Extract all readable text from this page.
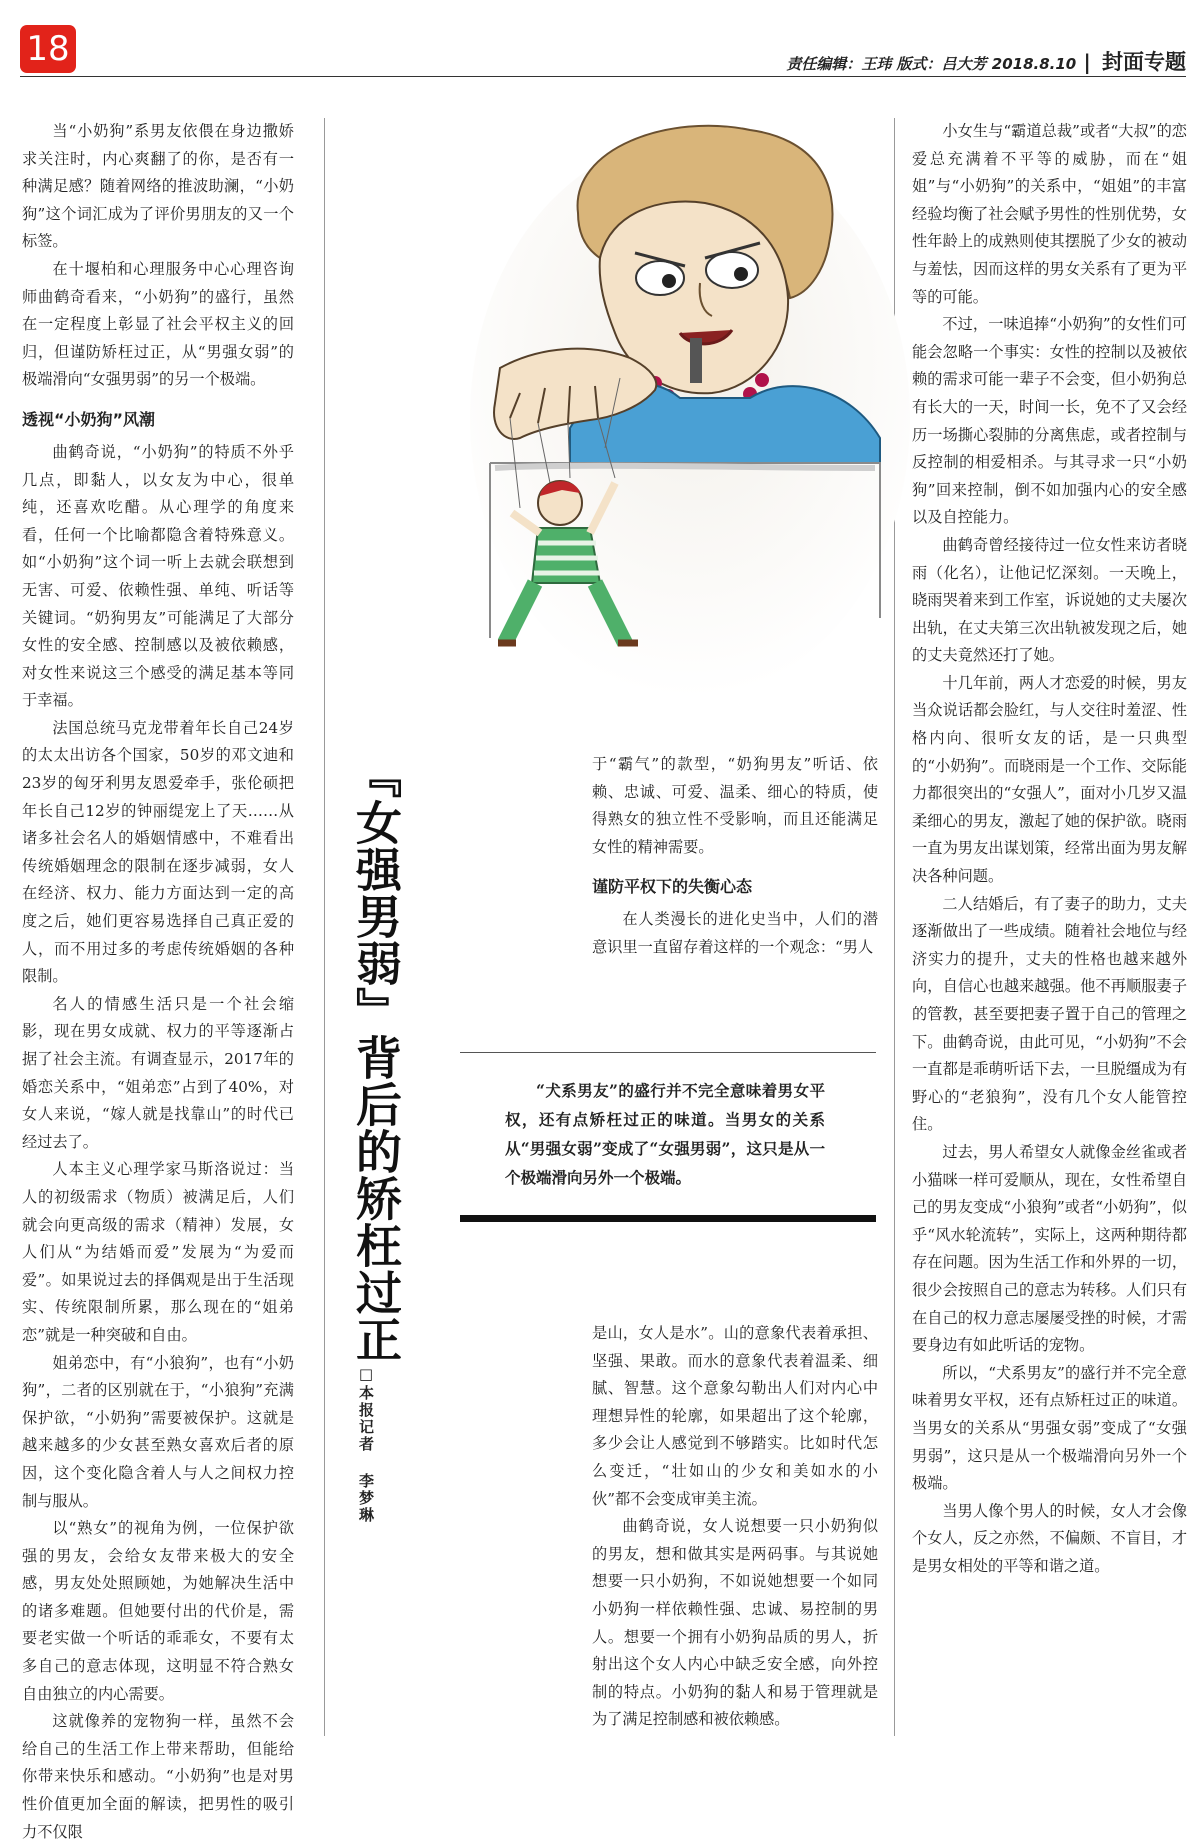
18	责任编辑：王玮 版式：吕大芳 2018.8.10 | 封面专题

当“小奶狗”系男友依偎在身边撒娇求关注时，内心爽翻了的你，是否有一种满足感？随着网络的推波助澜，“小奶狗”这个词汇成为了评价男朋友的又一个标签。

在十堰柏和心理服务中心心理咨询师曲鹤奇看来，“小奶狗”的盛行，虽然在一定程度上彰显了社会平权主义的回归，但谨防矫枉过正，从“男强女弱”的极端滑向“女强男弱”的另一个极端。

透视“小奶狗”风潮

曲鹤奇说，“小奶狗”的特质不外乎几点，即黏人，以女友为中心，很单纯，还喜欢吃醋。从心理学的角度来看，任何一个比喻都隐含着特殊意义。如“小奶狗”这个词一听上去就会联想到无害、可爱、依赖性强、单纯、听话等关键词。“奶狗男友”可能满足了大部分女性的安全感、控制感以及被依赖感，对女性来说这三个感受的满足基本等同于幸福。

法国总统马克龙带着年长自己24岁的太太出访各个国家，50岁的邓文迪和23岁的匈牙利男友恩爱牵手，张伦硕把年长自己12岁的钟丽缇宠上了天……从诸多社会名人的婚姻情感中，不难看出传统婚姻理念的限制在逐步减弱，女人在经济、权力、能力方面达到一定的高度之后，她们更容易选择自己真正爱的人，而不用过多的考虑传统婚姻的各种限制。

名人的情感生活只是一个社会缩影，现在男女成就、权力的平等逐渐占据了社会主流。有调查显示，2017年的婚恋关系中，“姐弟恋”占到了40%，对女人来说，“嫁人就是找靠山”的时代已经过去了。

人本主义心理学家马斯洛说过：当人的初级需求（物质）被满足后，人们就会向更高级的需求（精神）发展，女人们从“为结婚而爱”发展为“为爱而爱”。如果说过去的择偶观是出于生活现实、传统限制所累，那么现在的“姐弟恋”就是一种突破和自由。

姐弟恋中，有“小狼狗”，也有“小奶狗”，二者的区别就在于，“小狼狗”充满保护欲，“小奶狗”需要被保护。这就是越来越多的少女甚至熟女喜欢后者的原因，这个变化隐含着人与人之间权力控制与服从。

以“熟女”的视角为例，一位保护欲强的男友，会给女友带来极大的安全感，男友处处照顾她，为她解决生活中的诸多难题。但她要付出的代价是，需要老实做一个听话的乖乖女，不要有太多自己的意志体现，这明显不符合熟女自由独立的内心需要。

这就像养的宠物狗一样，虽然不会给自己的生活工作上带来帮助，但能给你带来快乐和感动。“小奶狗”也是对男性价值更加全面的解读，把男性的吸引力不仅限

『女强男弱』背后的矫枉过正
□本报记者李梦琳

于“霸气”的款型，“奶狗男友”听话、依赖、忠诚、可爱、温柔、细心的特质，使得熟女的独立性不受影响，而且还能满足女性的精神需要。

谨防平权下的失衡心态

在人类漫长的进化史当中，人们的潜意识里一直留存着这样的一个观念：“男人

“犬系男友”的盛行并不完全意味着男女平权，还有点矫枉过正的味道。当男女的关系从“男强女弱”变成了“女强男弱”，这只是从一个极端滑向另外一个极端。

是山，女人是水”。山的意象代表着承担、坚强、果敢。而水的意象代表着温柔、细腻、智慧。这个意象勾勒出人们对内心中理想异性的轮廓，如果超出了这个轮廓，多少会让人感觉到不够踏实。比如时代怎么变迁，“壮如山的少女和美如水的小伙”都不会变成审美主流。

曲鹤奇说，女人说想要一只小奶狗似的男友，想和做其实是两码事。与其说她想要一只小奶狗，不如说她想要一个如同小奶狗一样依赖性强、忠诚、易控制的男人。想要一个拥有小奶狗品质的男人，折射出这个女人内心中缺乏安全感，向外控制的特点。小奶狗的黏人和易于管理就是为了满足控制感和被依赖感。

小女生与“霸道总裁”或者“大叔”的恋爱总充满着不平等的威胁，而在“姐姐”与“小奶狗”的关系中，“姐姐”的丰富经验均衡了社会赋予男性的性别优势，女性年龄上的成熟则使其摆脱了少女的被动与羞怯，因而这样的男女关系有了更为平等的可能。

不过，一味追捧“小奶狗”的女性们可能会忽略一个事实：女性的控制以及被依赖的需求可能一辈子不会变，但小奶狗总有长大的一天，时间一长，免不了又会经历一场撕心裂肺的分离焦虑，或者控制与反控制的相爱相杀。与其寻求一只“小奶狗”回来控制，倒不如加强内心的安全感以及自控能力。

曲鹤奇曾经接待过一位女性来访者晓雨（化名），让他记忆深刻。一天晚上，晓雨哭着来到工作室，诉说她的丈夫屡次出轨，在丈夫第三次出轨被发现之后，她的丈夫竟然还打了她。

十几年前，两人才恋爱的时候，男友当众说话都会脸红，与人交往时羞涩、性格内向、很听女友的话，是一只典型的“小奶狗”。而晓雨是一个工作、交际能力都很突出的“女强人”，面对小几岁又温柔细心的男友，激起了她的保护欲。晓雨一直为男友出谋划策，经常出面为男友解决各种问题。

二人结婚后，有了妻子的助力，丈夫逐渐做出了一些成绩。随着社会地位与经济实力的提升，丈夫的性格也越来越外向，自信心也越来越强。他不再顺服妻子的管教，甚至要把妻子置于自己的管理之下。曲鹤奇说，由此可见，“小奶狗”不会一直都是乖萌听话下去，一旦脱缰成为有野心的“老狼狗”，没有几个女人能管控住。

过去，男人希望女人就像金丝雀或者小猫咪一样可爱顺从，现在，女性希望自己的男友变成“小狼狗”或者“小奶狗”，似乎“风水轮流转”，实际上，这两种期待都存在问题。因为生活工作和外界的一切，很少会按照自己的意志为转移。人们只有在自己的权力意志屡屡受挫的时候，才需要身边有如此听话的宠物。

所以，“犬系男友”的盛行并不完全意味着男女平权，还有点矫枉过正的味道。当男女的关系从“男强女弱”变成了“女强男弱”，这只是从一个极端滑向另外一个极端。

当男人像个男人的时候，女人才会像个女人，反之亦然，不偏颇、不盲目，才是男女相处的平等和谐之道。
